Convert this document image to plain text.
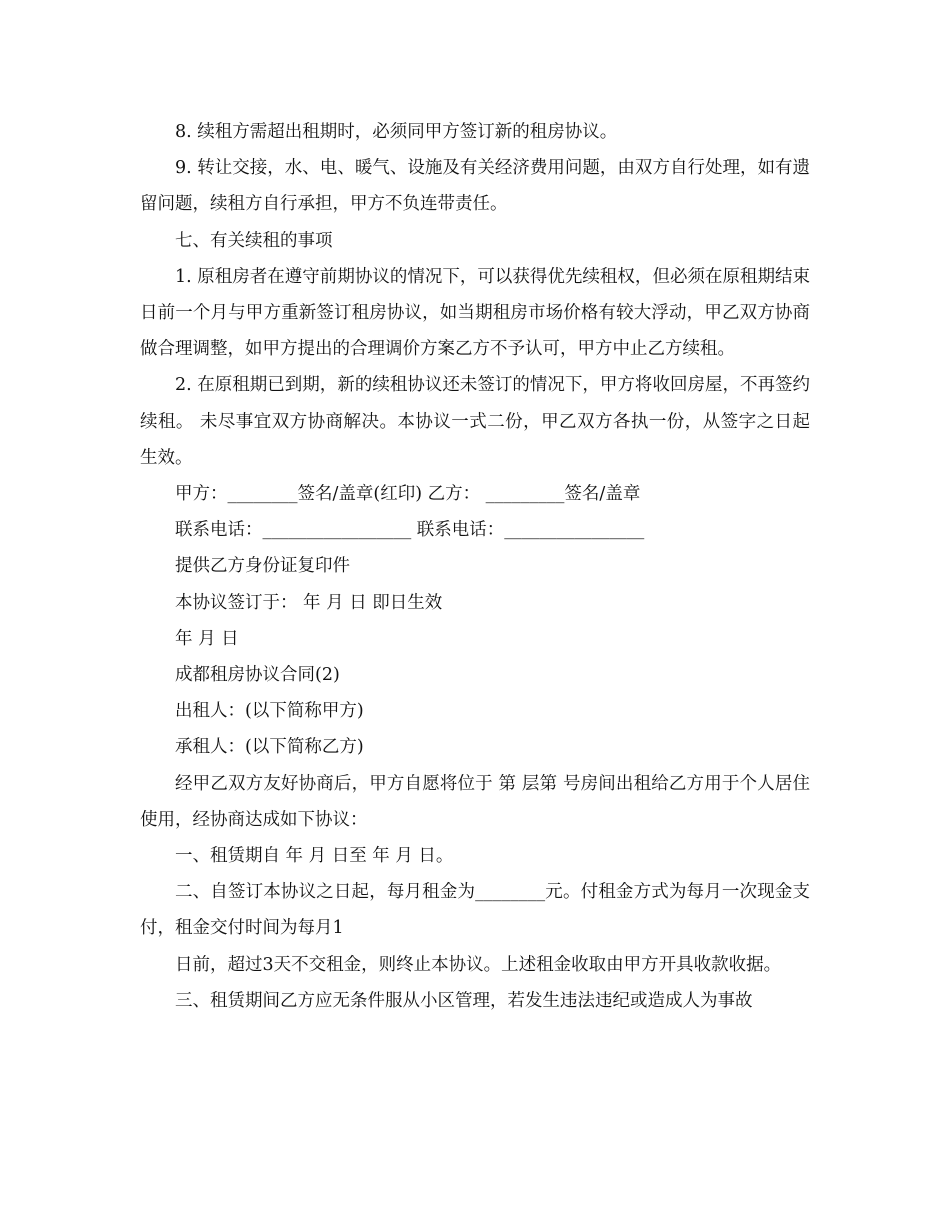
8. 续租方需超出租期时，必须同甲方签订新的租房协议。

9. 转让交接，水、电、暖气、设施及有关经济费用问题，由双方自行处理，如有遗留问题，续租方自行承担，甲方不负连带责任。

七、有关续租的事项

1. 原租房者在遵守前期协议的情况下，可以获得优先续租权，但必须在原租期结束日前一个月与甲方重新签订租房协议，如当期租房市场价格有较大浮动，甲乙双方协商做合理调整，如甲方提出的合理调价方案乙方不予认可，甲方中止乙方续租。

2. 在原租期已到期，新的续租协议还未签订的情况下，甲方将收回房屋，不再签约续租。 未尽事宜双方协商解决。本协议一式二份，甲乙双方各执一份，从签字之日起生效。

甲方：________签名/盖章(红印) 乙方： _________签名/盖章

联系电话：_________________ 联系电话：________________

提供乙方身份证复印件

本协议签订于： 年 月 日 即日生效

年 月 日

成都租房协议合同(2)

出租人：(以下简称甲方)

承租人：(以下简称乙方)

经甲乙双方友好协商后，甲方自愿将位于 第 层第 号房间出租给乙方用于个人居住使用，经协商达成如下协议：

一、租赁期自 年 月 日至 年 月 日。

二、自签订本协议之日起，每月租金为________元。付租金方式为每月一次现金支付，租金交付时间为每月1

日前，超过3天不交租金，则终止本协议。上述租金收取由甲方开具收款收据。

三、租赁期间乙方应无条件服从小区管理，若发生违法违纪或造成人为事故
